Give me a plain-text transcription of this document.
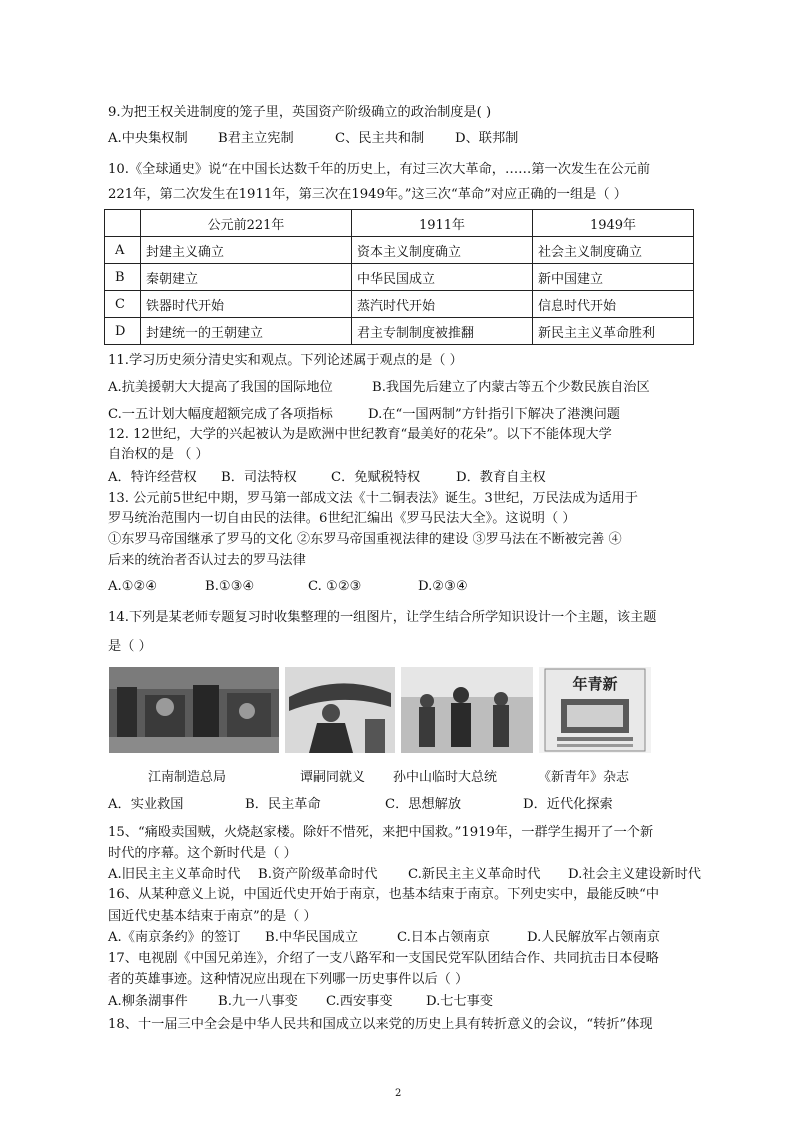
9.为把王权关进制度的笼子里，英国资产阶级确立的政治制度是( )
A.中央集权制 B君主立宪制	C、民主共和制 D、联邦制
10.《全球通史》说“在中国长达数千年的历史上，有过三次大革命，……第一次发生在公元前
221年，第二次发生在1911年，第三次在1949年。”这三次“革命”对应正确的一组是（ ）
	公元前221年	1911年	1949年
A	封建主义确立	资本主义制度确立	社会主义制度确立
B	秦朝建立	中华民国成立	新中国建立
C	铁器时代开始	蒸汽时代开始	信息时代开始
D	封建统一的王朝建立	君主专制制度被推翻	新民主主义革命胜利
11.学习历史须分清史实和观点。下列论述属于观点的是（ ）
A.抗美援朝大大提高了我国的国际地位	B.我国先后建立了内蒙古等五个少数民族自治区
C.一五计划大幅度超额完成了各项指标	D.在“一国两制”方针指引下解决了港澳问题
12. 12世纪，大学的兴起被认为是欧洲中世纪教育“最美好的花朵”。以下不能体现大学
自治权的是 （ ）
A．特许经营权 B．司法特权	C．免赋税特权	D．教育自主权
13. 公元前5世纪中期，罗马第一部成文法《十二铜表法》诞生。3世纪，万民法成为适用于
罗马统治范围内一切自由民的法律。6世纪汇编出《罗马民法大全》。这说明（ ）
①东罗马帝国继承了罗马的文化 ②东罗马帝国重视法律的建设 ③罗马法在不断被完善 ④
后来的统治者否认过去的罗马法律
A.①②④	B.①③④	C. ①②③	D.②③④
14.下列是某老师专题复习时收集整理的一组图片，让学生结合所学知识设计一个主题，该主题
是（ ）
年青新
江南制造总局	谭嗣同就义 孙中山临时大总统	《新青年》杂志
A．实业救国	B．民主革命	C．思想解放	D．近代化探索
15、“痛殴卖国贼，火烧赵家楼。除奸不惜死，来把中国救。”1919年，一群学生揭开了一个新
时代的序幕。这个新时代是（ ）
A.旧民主主义革命时代 B.资产阶级革命时代 C.新民主主义革命时代 D.社会主义建设新时代
16、从某种意义上说，中国近代史开始于南京，也基本结束于南京。下列史实中，最能反映“中
国近代史基本结束于南京”的是（ ）
A.《南京条约》的签订 B.中华民国成立	C.日本占领南京	D.人民解放军占领南京
17、电视剧《中国兄弟连》，介绍了一支八路军和一支国民党军队团结合作、共同抗击日本侵略
者的英雄事迹。这种情况应出现在下列哪一历史事件以后（ ）
A.柳条湖事件 B.九一八事变 C.西安事变	D.七七事变
18、十一届三中全会是中华人民共和国成立以来党的历史上具有转折意义的会议，“转折”体现
2
